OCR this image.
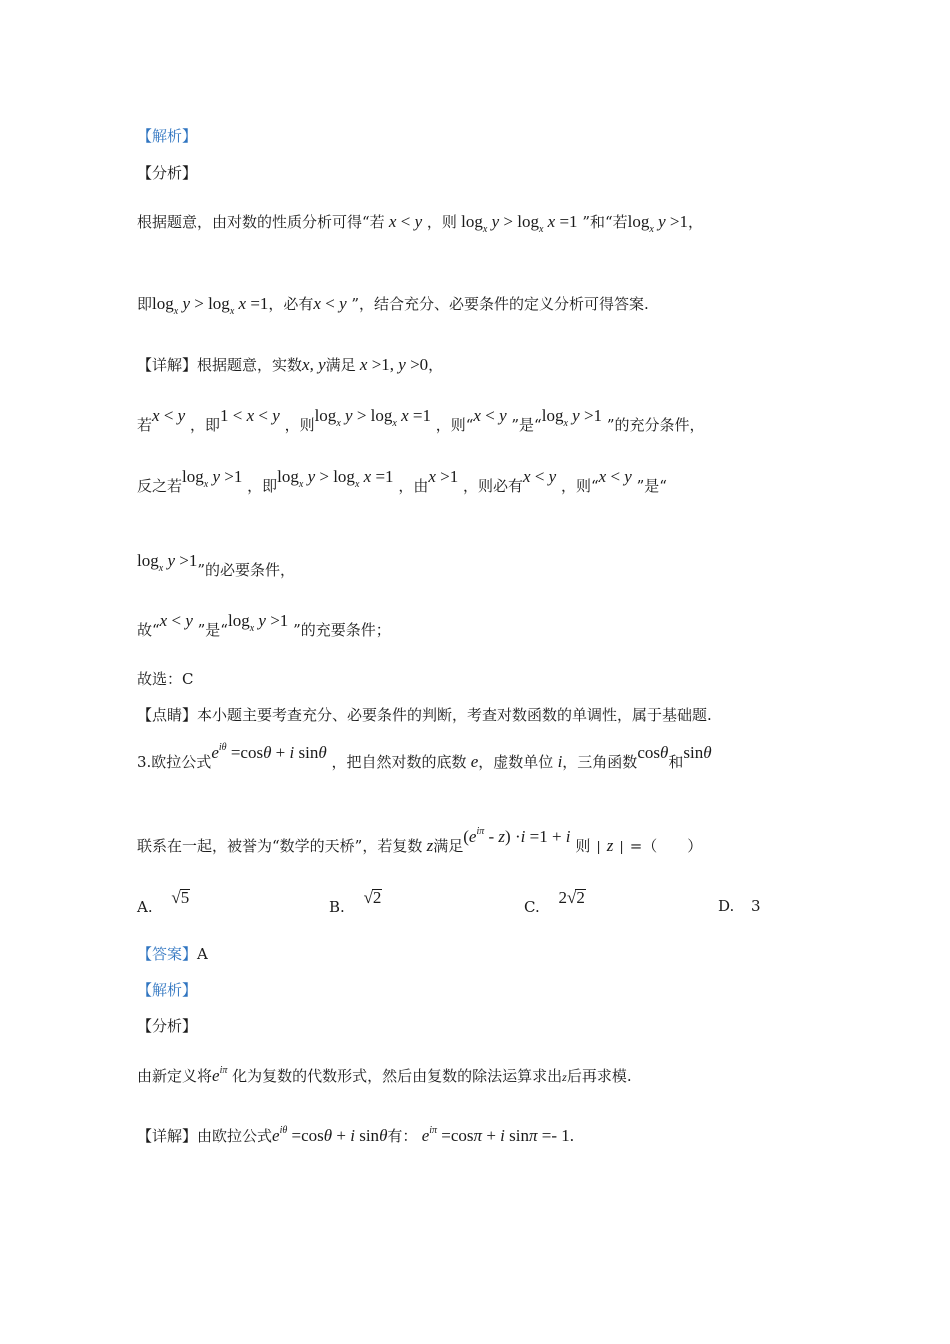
【解析】
【分析】
根据题意，由对数的性质分析可得“若 x < y ，则 $\log_x y > \log_x x =1$ ”和“若$\log_x y >1$，
即$\log_x y > \log_x x =1$，必有x < y ”，结合充分、必要条件的定义分析可得答案.
【详解】根据题意，实数x, y满足 x >1, y >0，
若x < y ，即1 < x < y ，则$\log_x y > \log_x x =1$ ，则“x < y ”是“$\log_x$ y >1 ”的充分条件，
反之若$\log_x y >1$ ，即$\log_x y > \log_x x =1$ ，由x >1 ，则必有x < y ，则“x < y ”是“
$\log_x y >1$”的必要条件，
故“x < y ”是“$\log_x$ y >1 ”的充要条件；
故选：C
【点睛】本小题主要考查充分、必要条件的判断，考查对数函数的单调性，属于基础题.
3.欧拉公式$e^{i\theta} =\cos\theta + i$ sinθ ，把自然对数的底数 e，虚数单位 i，三角函数cosθ和sinθ
联系在一起，被誉为“数学的天桥”，若复数 z满足$(e^{i\pi} - z) \cdot i =1 + i$ 则 | z | =（　　）
A. √5	B. √2	C. 2√2	D. 3
【答案】A
【解析】
【分析】
由新定义将$e^{i\pi}$ 化为复数的代数形式，然后由复数的除法运算求出z后再求模.
【详解】由欧拉公式$e^{i\theta} =\cos\theta + i$ sinθ有： $e^{i\pi} =\cos\pi + i$ sinπ =- 1.
